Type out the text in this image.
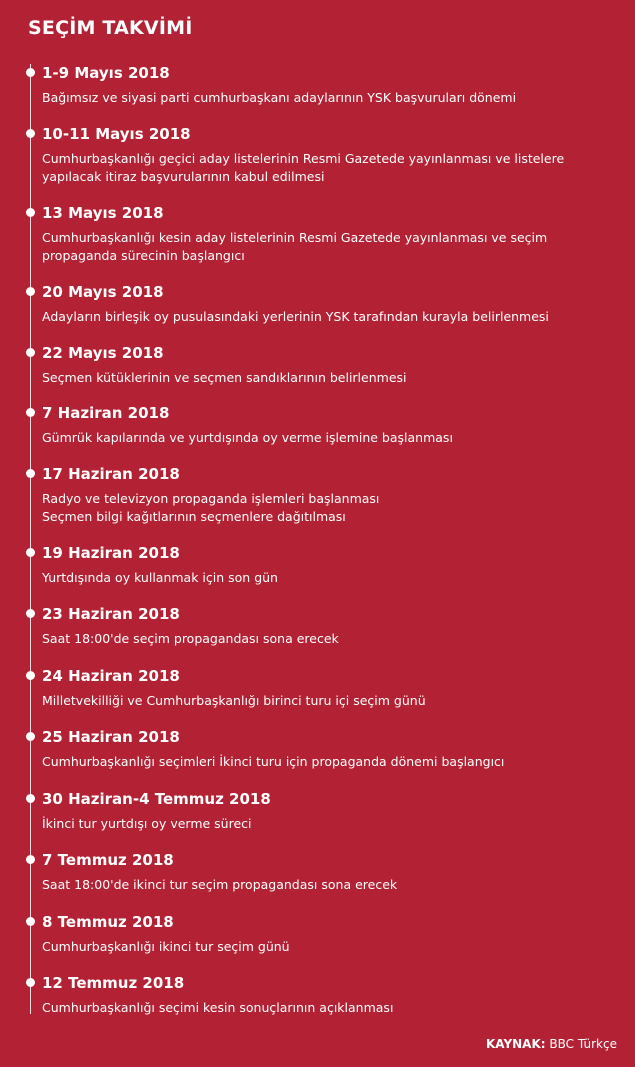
SEÇİM TAKVİMİ
1-9 Mayıs 2018
Bağımsız ve siyasi parti cumhurbaşkanı adaylarının YSK başvuruları dönemi
10-11 Mayıs 2018
Cumhurbaşkanlığı geçici aday listelerinin Resmi Gazetede yayınlanması ve listelere
yapılacak itiraz başvurularının kabul edilmesi
13 Mayıs 2018
Cumhurbaşkanlığı kesin aday listelerinin Resmi Gazetede yayınlanması ve seçim
propaganda sürecinin başlangıcı
20 Mayıs 2018
Adayların birleşik oy pusulasındaki yerlerinin YSK tarafından kurayla belirlenmesi
22 Mayıs 2018
Seçmen kütüklerinin ve seçmen sandıklarının belirlenmesi
7 Haziran 2018
Gümrük kapılarında ve yurtdışında oy verme işlemine başlanması
17 Haziran 2018
Radyo ve televizyon propaganda işlemleri başlanması
Seçmen bilgi kağıtlarının seçmenlere dağıtılması
19 Haziran 2018
Yurtdışında oy kullanmak için son gün
23 Haziran 2018
Saat 18:00'de seçim propagandası sona erecek
24 Haziran 2018
Milletvekilliği ve Cumhurbaşkanlığı birinci turu içi seçim günü
25 Haziran 2018
Cumhurbaşkanlığı seçimleri İkinci turu için propaganda dönemi başlangıcı
30 Haziran-4 Temmuz 2018
İkinci tur yurtdışı oy verme süreci
7 Temmuz 2018
Saat 18:00'de ikinci tur seçim propagandası sona erecek
8 Temmuz 2018
Cumhurbaşkanlığı ikinci tur seçim günü
12 Temmuz 2018
Cumhurbaşkanlığı seçimi kesin sonuçlarının açıklanması
KAYNAK: BBC Türkçe
